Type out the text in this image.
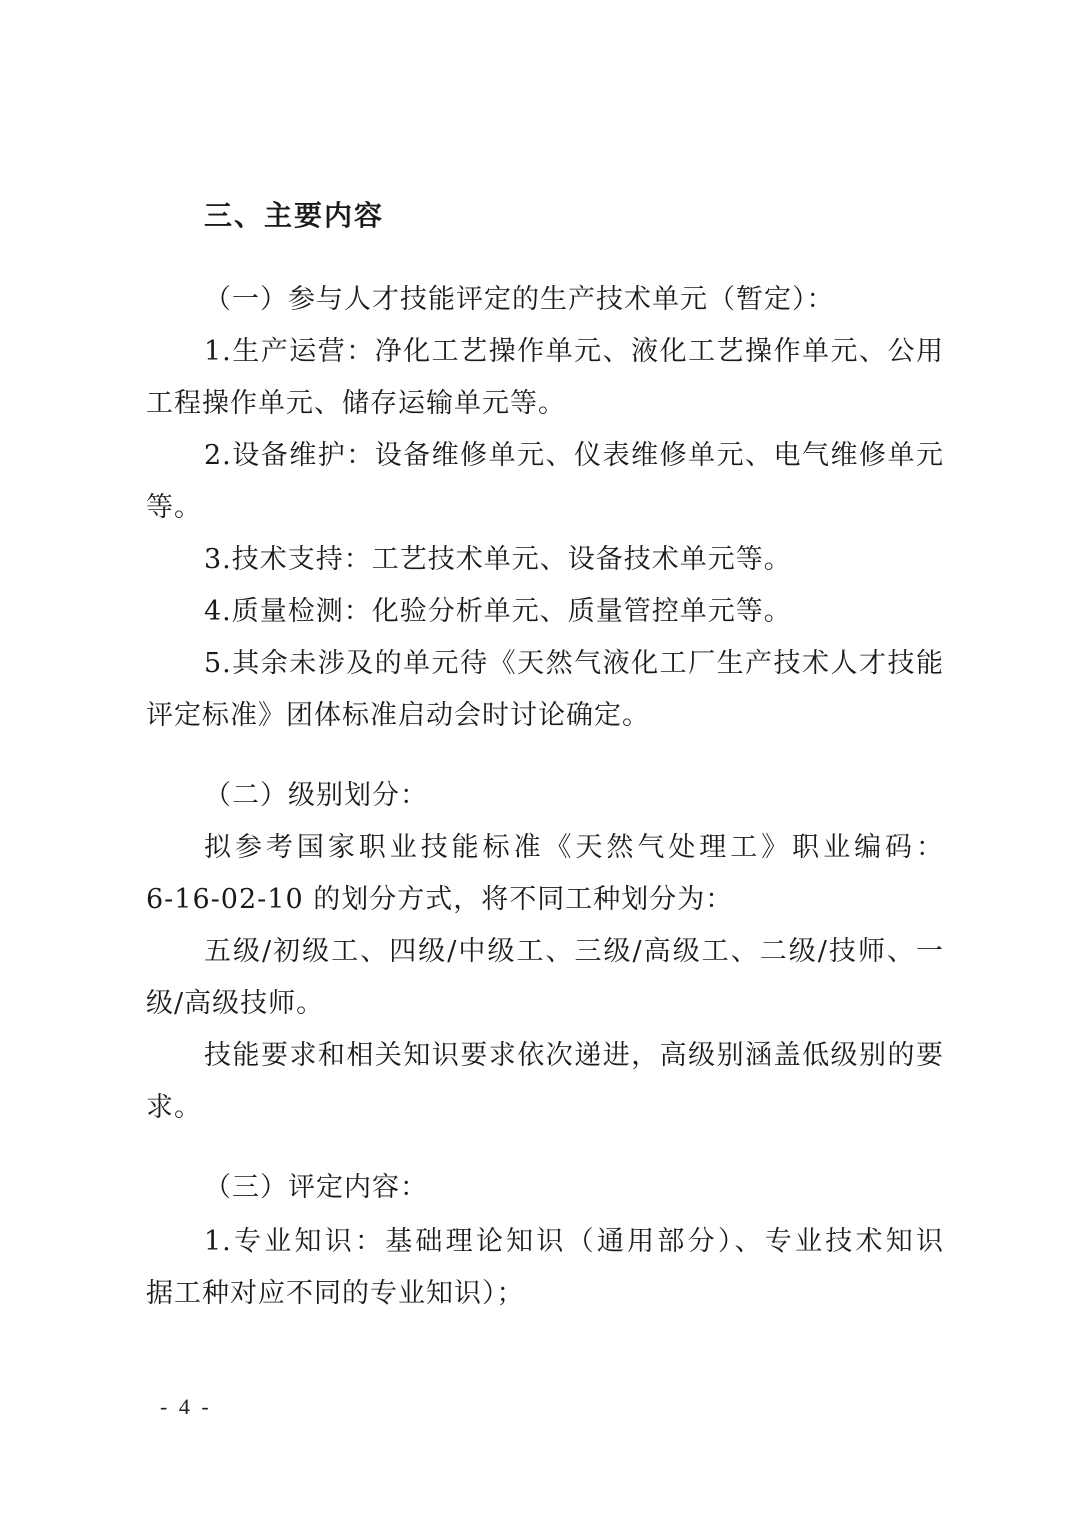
三、主要内容
（一）参与人才技能评定的生产技术单元（暂定）：
1.生产运营：净化工艺操作单元、液化工艺操作单元、公用
工程操作单元、储存运输单元等。
2.设备维护：设备维修单元、仪表维修单元、电气维修单元
等。
3.技术支持：工艺技术单元、设备技术单元等。
4.质量检测：化验分析单元、质量管控单元等。
5.其余未涉及的单元待《天然气液化工厂生产技术人才技能
评定标准》团体标准启动会时讨论确定。
（二）级别划分：
拟参考国家职业技能标准《天然气处理工》职业编码：
6-16-02-10 的划分方式，将不同工种划分为：
五级/初级工、四级/中级工、三级/高级工、二级/技师、一
级/高级技师。
技能要求和相关知识要求依次递进，高级别涵盖低级别的要
求。
（三）评定内容：
1.专业知识：基础理论知识（通用部分）、专业技术知识
据工种对应不同的专业知识）；
- 4 -
